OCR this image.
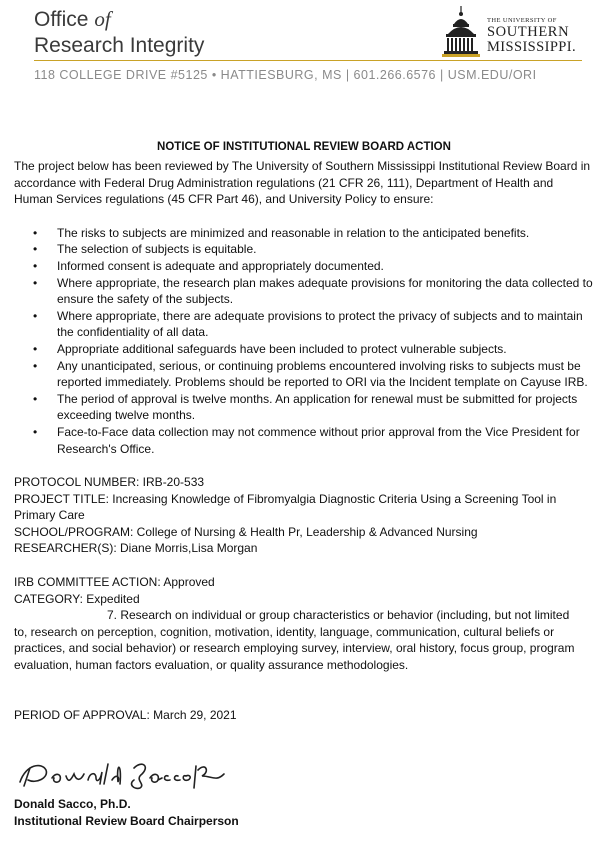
Office of
Research Integrity
THE UNIVERSITY OF
SOUTHERN
MISSISSIPPI.
118 COLLEGE DRIVE #5125 • HATTIESBURG, MS | 601.266.6576 | USM.EDU/ORI
NOTICE OF INSTITUTIONAL REVIEW BOARD ACTION

The project below has been reviewed by The University of Southern Mississippi Institutional Review Board in accordance with Federal Drug Administration regulations (21 CFR 26, 111), Department of Health and Human Services regulations (45 CFR Part 46), and University Policy to ensure:

• The risks to subjects are minimized and reasonable in relation to the anticipated benefits.
• The selection of subjects is equitable.
• Informed consent is adequate and appropriately documented.
• Where appropriate, the research plan makes adequate provisions for monitoring the data collected to ensure the safety of the subjects.
• Where appropriate, there are adequate provisions to protect the privacy of subjects and to maintain the confidentiality of all data.
• Appropriate additional safeguards have been included to protect vulnerable subjects.
• Any unanticipated, serious, or continuing problems encountered involving risks to subjects must be reported immediately. Problems should be reported to ORI via the Incident template on Cayuse IRB.
• The period of approval is twelve months. An application for renewal must be submitted for projects exceeding twelve months.
• Face-to-Face data collection may not commence without prior approval from the Vice President for Research's Office.

PROTOCOL NUMBER: IRB-20-533

PROJECT TITLE: Increasing Knowledge of Fibromyalgia Diagnostic Criteria Using a Screening Tool in Primary Care

SCHOOL/PROGRAM: College of Nursing & Health Pr, Leadership & Advanced Nursing

RESEARCHER(S): Diane Morris,Lisa Morgan

IRB COMMITTEE ACTION: Approved

CATEGORY: Expedited

7. Research on individual or group characteristics or behavior (including, but not limited

to, research on perception, cognition, motivation, identity, language, communication, cultural beliefs or practices, and social behavior) or research employing survey, interview, oral history, focus group, program evaluation, human factors evaluation, or quality assurance methodologies.

PERIOD OF APPROVAL: March 29, 2021

Donald Sacco, Ph.D.
Institutional Review Board Chairperson
